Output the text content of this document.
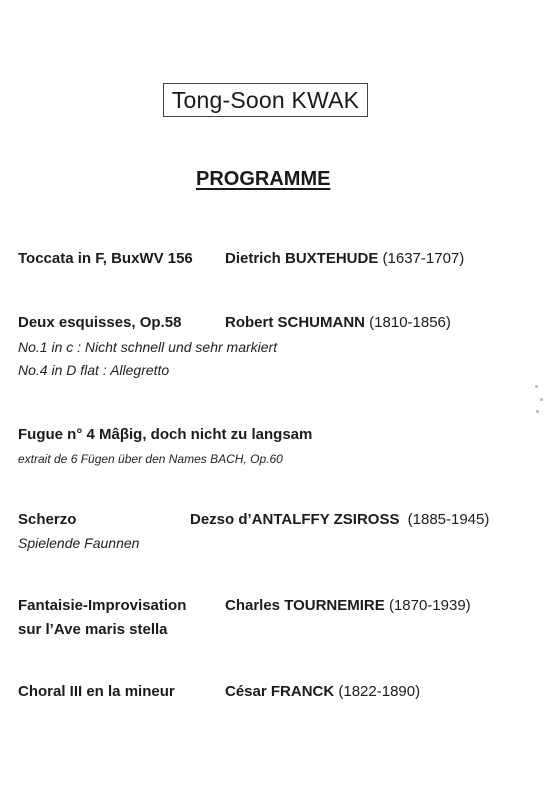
Tong-Soon KWAK
PROGRAMME
Toccata in F, BuxWV 156 Dietrich BUXTEHUDE (1637-1707)
Deux esquisses, Op.58	Robert SCHUMANN (1810-1856)
No.1 in c : Nicht schnell und sehr markiert
No.4 in D flat : Allegretto
Fugue n° 4 Mâβig, doch nicht zu langsam
extrait de 6 Fügen über den Names BACH, Op.60
Scherzo	Dezso d’ANTALFFY ZSIROSS (1885-1945)
Spielende Faunnen
Fantaisie-Improvisation	Charles TOURNEMIRE (1870-1939)
sur l’Ave maris stella
Choral III en la mineur	César FRANCK (1822-1890)
